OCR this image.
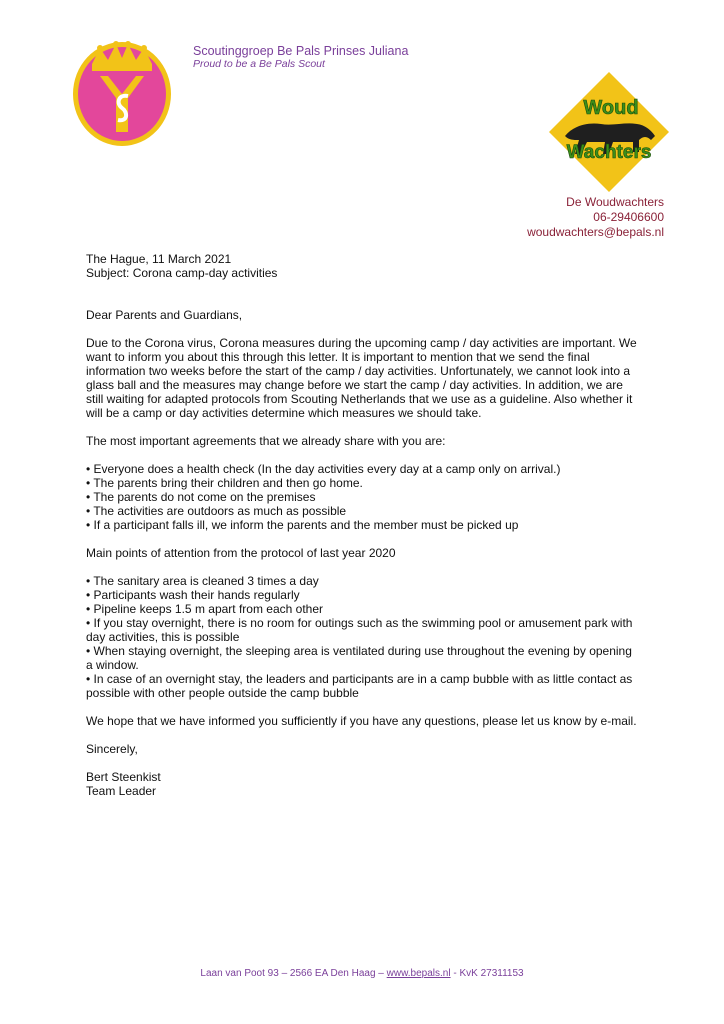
Scoutinggroep Be Pals Prinses Juliana
Proud to be a Be Pals Scout
Woud
Wachters
De Woudwachters
06-29406600
woudwachters@bepals.nl

The Hague, 11 March 2021

Subject: Corona camp-day activities

Dear Parents and Guardians,

Due to the Corona virus, Corona measures during the upcoming camp / day activities are important. We

want to inform you about this through this letter. It is important to mention that we send the final

information two weeks before the start of the camp / day activities. Unfortunately, we cannot look into a

glass ball and the measures may change before we start the camp / day activities. In addition, we are

still waiting for adapted protocols from Scouting Netherlands that we use as a guideline. Also whether it

will be a camp or day activities determine which measures we should take.

The most important agreements that we already share with you are:

• Everyone does a health check (In the day activities every day at a camp only on arrival.)

• The parents bring their children and then go home.

• The parents do not come on the premises

• The activities are outdoors as much as possible

• If a participant falls ill, we inform the parents and the member must be picked up

Main points of attention from the protocol of last year 2020

• The sanitary area is cleaned 3 times a day

• Participants wash their hands regularly

• Pipeline keeps 1.5 m apart from each other

• If you stay overnight, there is no room for outings such as the swimming pool or amusement park with

day activities, this is possible

• When staying overnight, the sleeping area is ventilated during use throughout the evening by opening

a window.

• In case of an overnight stay, the leaders and participants are in a camp bubble with as little contact as

possible with other people outside the camp bubble

We hope that we have informed you sufficiently if you have any questions, please let us know by e-mail.

Sincerely,

Bert Steenkist

Team Leader

Laan van Poot 93 – 2566 EA Den Haag – www.bepals.nl - KvK 27311153
